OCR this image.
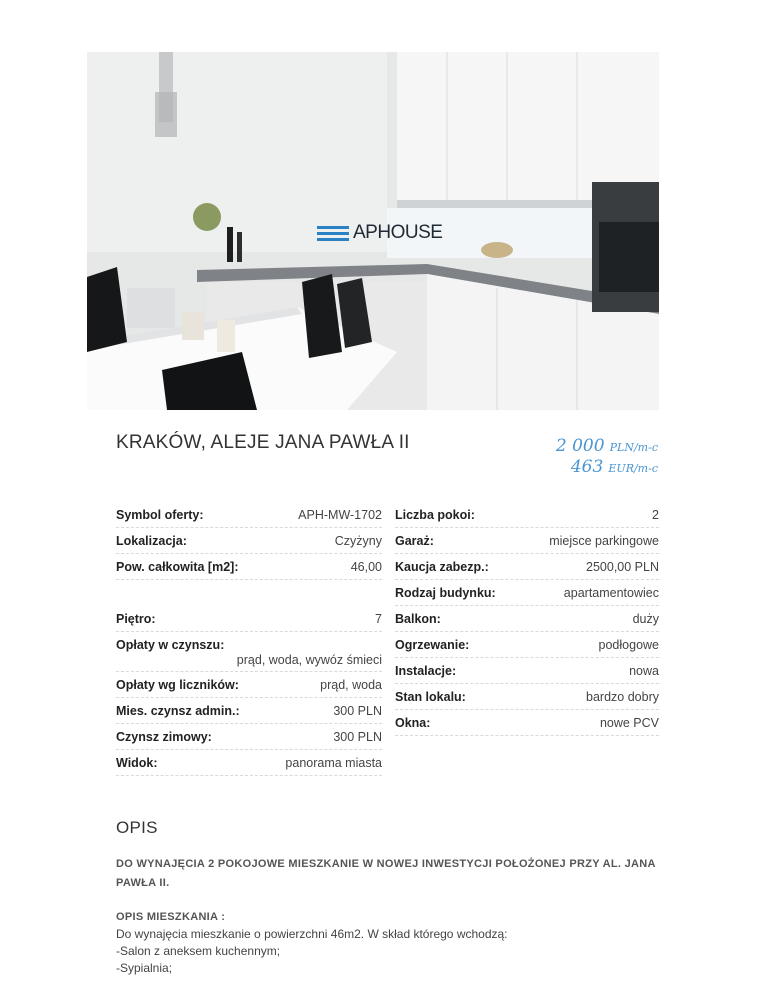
APHOUSE
KRAKÓW, ALEJE JANA PAWŁA II	2 000 PLN/m-c
463 EUR/m-c
Symbol oferty:	APH-MW-1702
Lokalizacja:	Czyżyny
Pow. całkowita [m2]:	46,00
Piętro:	7
Opłaty w czynszu:
prąd, woda, wywóz śmieci
Opłaty wg liczników:	prąd, woda
Mies. czynsz admin.:	300 PLN
Czynsz zimowy:	300 PLN
Widok:	panorama miasta
Liczba pokoi:	2
Garaż:	miejsce parkingowe
Kaucja zabezp.:	2500,00 PLN
Rodzaj budynku:	apartamentowiec
Balkon:	duży
Ogrzewanie:	podłogowe
Instalacje:	nowa
Stan lokalu:	bardzo dobry
Okna:	nowe PCV
OPIS
DO WYNAJĘCIA 2 POKOJOWE MIESZKANIE W NOWEJ INWESTYCJI POŁOŻONEJ PRZY AL. JANA PAWŁA II.
OPIS MIESZKANIA :
Do wynajęcia mieszkanie o powierzchni 46m2. W skład którego wchodzą:
-Salon z aneksem kuchennym;
-Sypialnia;
